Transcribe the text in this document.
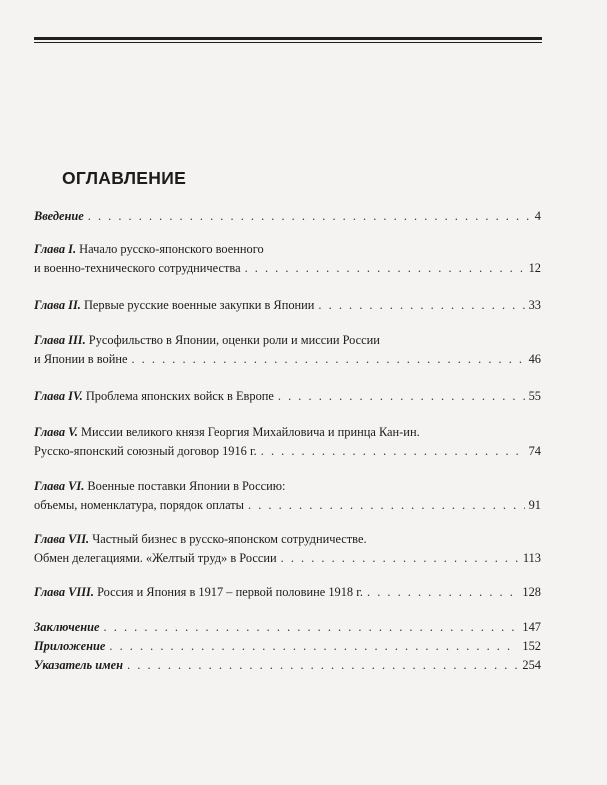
ОГЛАВЛЕНИЕ
Введение . . .	4
Глава I.
Начало русско-японского военного
и военно-технического сотрудничества . . .	12
Глава II.
Первые русские военные закупки в Японии . . .	33
Глава III.
Русофильство в Японии, оценки роли и миссии России
и Японии в войне . . .	46
Глава IV.
Проблема японских войск в Европе . . .	55
Глава V.
Миссии великого князя Георгия Михайловича и принца Кан-ин.
Русско-японский союзный договор 1916 г. . . .	74
Глава VI.
Военные поставки Японии в Россию:
объемы, номенклатура, порядок оплаты . . .	91
Глава VII.
Частный бизнес в русско-японском сотрудничестве.
Обмен делегациями. «Желтый труд» в России . . .	113
Глава VIII.
Россия и Япония в 1917 – первой половине 1918 г. . . .	128
Заключение . . .	147
Приложение . . .	152
Указатель имен . . .	254
